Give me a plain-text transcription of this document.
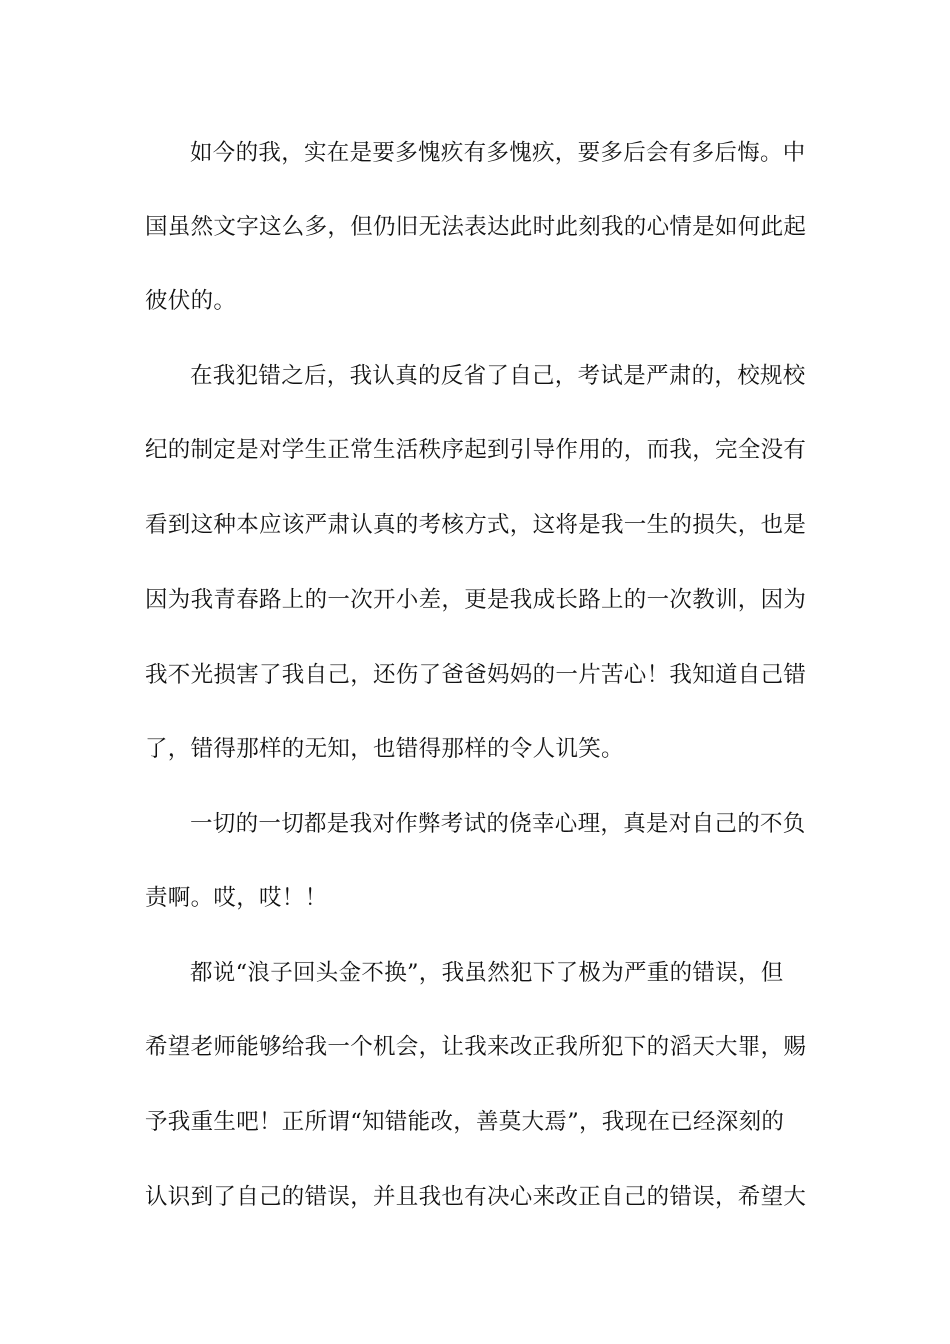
如今的我，实在是要多愧疚有多愧疚，要多后会有多后悔。中
国虽然文字这么多，但仍旧无法表达此时此刻我的心情是如何此起
彼伏的。
在我犯错之后，我认真的反省了自己，考试是严肃的，校规校
纪的制定是对学生正常生活秩序起到引导作用的，而我，完全没有
看到这种本应该严肃认真的考核方式，这将是我一生的损失，也是
因为我青春路上的一次开小差，更是我成长路上的一次教训，因为
我不光损害了我自己，还伤了爸爸妈妈的一片苦心！我知道自己错
了，错得那样的无知，也错得那样的令人讥笑。
一切的一切都是我对作弊考试的侥幸心理，真是对自己的不负
责啊。哎，哎！！
都说“浪子回头金不换”，我虽然犯下了极为严重的错误，但
希望老师能够给我一个机会，让我来改正我所犯下的滔天大罪，赐
予我重生吧！正所谓“知错能改，善莫大焉”，我现在已经深刻的
认识到了自己的错误，并且我也有决心来改正自己的错误，希望大
